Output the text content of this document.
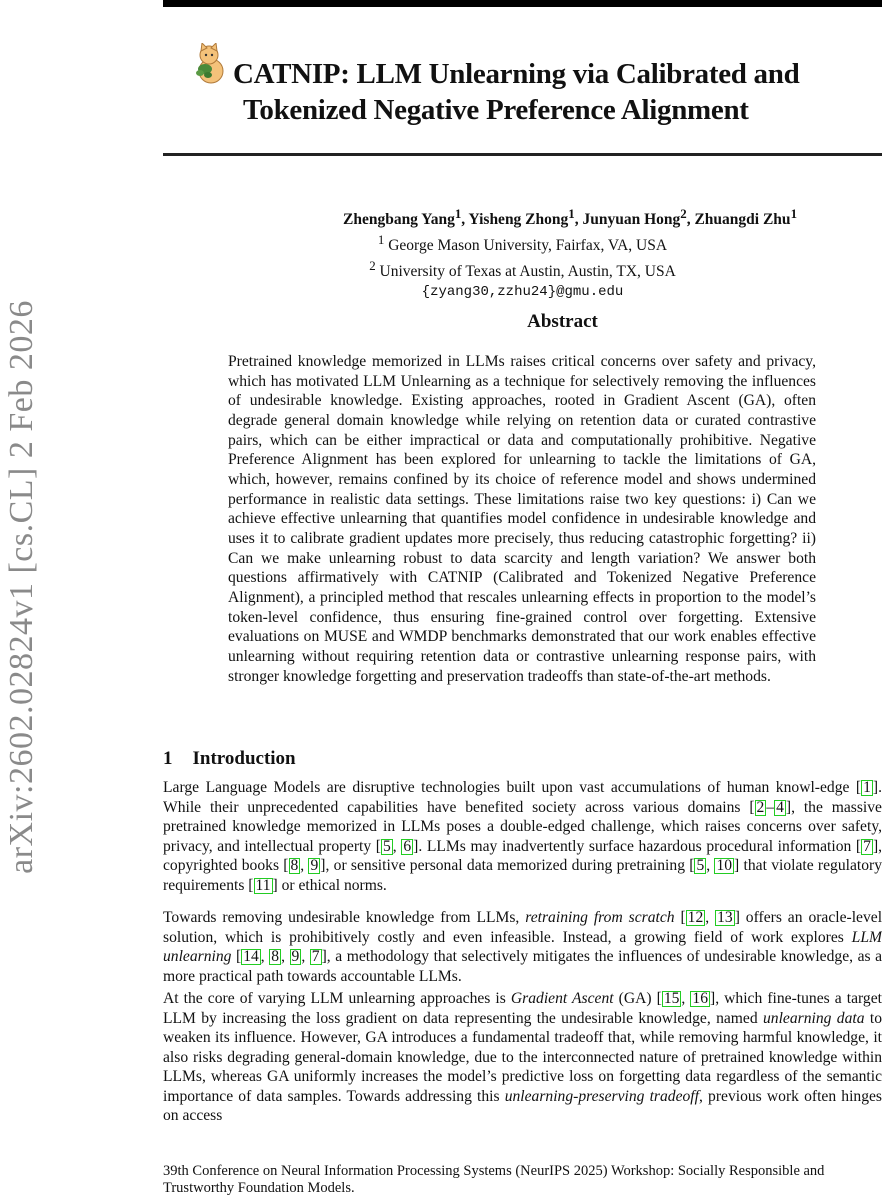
arXiv:2602.02824v1 [cs.CL] 2 Feb 2026
CATNIP : LLM Unlearning via Calibrated and
Tokenized Negative Preference Alignment
Zhengbang Yang$^1$, Yisheng Zhong$^1$, Junyuan Hong$^2$, Zhuangdi Zhu$^1$
$^1$ George Mason University, Fairfax, VA, USA
$^2$ University of Texas at Austin, Austin, TX, USA
{zyang30,zzhu24}@gmu.edu
Abstract
Pretrained knowledge memorized in LLMs raises critical concerns over safety and privacy, which has motivated LLM Unlearning as a technique for selectively removing the influences of undesirable knowledge. Existing approaches, rooted in Gradient Ascent (GA), often degrade general domain knowledge while relying on retention data or curated contrastive pairs, which can be either impractical or data and computationally prohibitive. Negative Preference Alignment has been explored for unlearning to tackle the limitations of GA, which, however, remains confined by its choice of reference model and shows undermined performance in realistic data settings. These limitations raise two key questions: i) Can we achieve effective unlearning that quantifies model confidence in undesirable knowledge and uses it to calibrate gradient updates more precisely, thus reducing catastrophic forgetting? ii) Can we make unlearning robust to data scarcity and length variation? We answer both questions affirmatively with CATNIP (Calibrated and Tokenized Negative Preference Alignment), a principled method that rescales unlearning effects in proportion to the model’s token-level confidence, thus ensuring fine-grained control over forgetting. Extensive evaluations on MUSE and WMDP benchmarks demonstrated that our work enables effective unlearning without requiring retention data or contrastive unlearning response pairs, with stronger knowledge forgetting and preservation tradeoffs than state-of-the-art methods.
1 Introduction
Large Language Models are disruptive technologies built upon vast accumulations of human knowl-edge [ 1 ]. While their unprecedented capabilities have benefited society across various domains [ 2 – 4 ], the massive pretrained knowledge memorized in LLMs poses a double-edged challenge, which raises concerns over safety, privacy, and intellectual property [ 5 , 6 ]. LLMs may inadvertently surface hazardous procedural information [ 7 ], copyrighted books [ 8 , 9 ], or sensitive personal data memorized during pretraining [ 5 , 10 ] that violate regulatory requirements [ 11 ] or ethical norms.
Towards removing undesirable knowledge from LLMs, retraining from scratch [ 12 , 13 ] offers an oracle-level solution, which is prohibitively costly and even infeasible. Instead, a growing field of work explores LLM unlearning [ 14 , 8 , 9 , 7 ], a methodology that selectively mitigates the influences of undesirable knowledge, as a more practical path towards accountable LLMs.
At the core of varying LLM unlearning approaches is Gradient Ascent (GA) [ 15 , 16 ], which fine-tunes a target LLM by increasing the loss gradient on data representing the undesirable knowledge, named unlearning data to weaken its influence. However, GA introduces a fundamental tradeoff that, while removing harmful knowledge, it also risks degrading general-domain knowledge, due to the interconnected nature of pretrained knowledge within LLMs, whereas GA uniformly increases the model’s predictive loss on forgetting data regardless of the semantic importance of data samples. Towards addressing this unlearning-preserving tradeoff, previous work often hinges on access
39th Conference on Neural Information Processing Systems (NeurIPS 2025) Workshop: Socially Responsible and Trustworthy Foundation Models.
